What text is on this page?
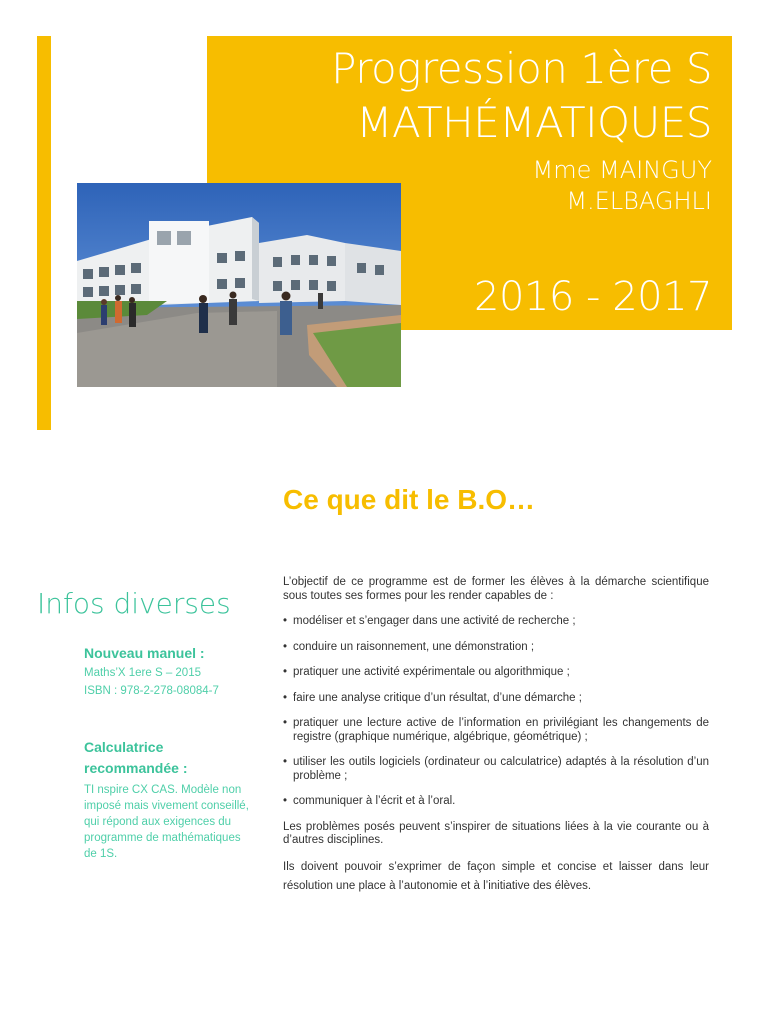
Progression 1ère S
MATHÉMATIQUES
Mme MAINGUY
M.ELBAGHLI
2016 - 2017
Ce que dit le B.O…
Infos diverses
Nouveau manuel :
Maths’X 1ere S – 2015
ISBN : 978-2-278-08084-7
Calculatrice recommandée :
TI nspire CX CAS. Modèle non imposé mais vivement conseillé, qui répond aux exigences du programme de mathématiques de 1S.

L’objectif de ce programme est de former les élèves à la démarche scientifique sous toutes ses formes pour les render capables de :

• modéliser et s’engager dans une activité de recherche ;
• conduire un raisonnement, une démonstration ;
• pratiquer une activité expérimentale ou algorithmique ;
• faire une analyse critique d’un résultat, d’une démarche ;
• pratiquer une lecture active de l’information en privilégiant les changements de registre (graphique numérique, algébrique, géométrique) ;
• utiliser les outils logiciels (ordinateur ou calculatrice) adaptés à la résolution d’un problème ;
• communiquer à l’écrit et à l’oral.

Les problèmes posés peuvent s’inspirer de situations liées à la vie courante ou à d’autres disciplines.

Ils doivent pouvoir s’exprimer de façon simple et concise et laisser dans leur résolution une place à l’autonomie et à l’initiative des élèves.
